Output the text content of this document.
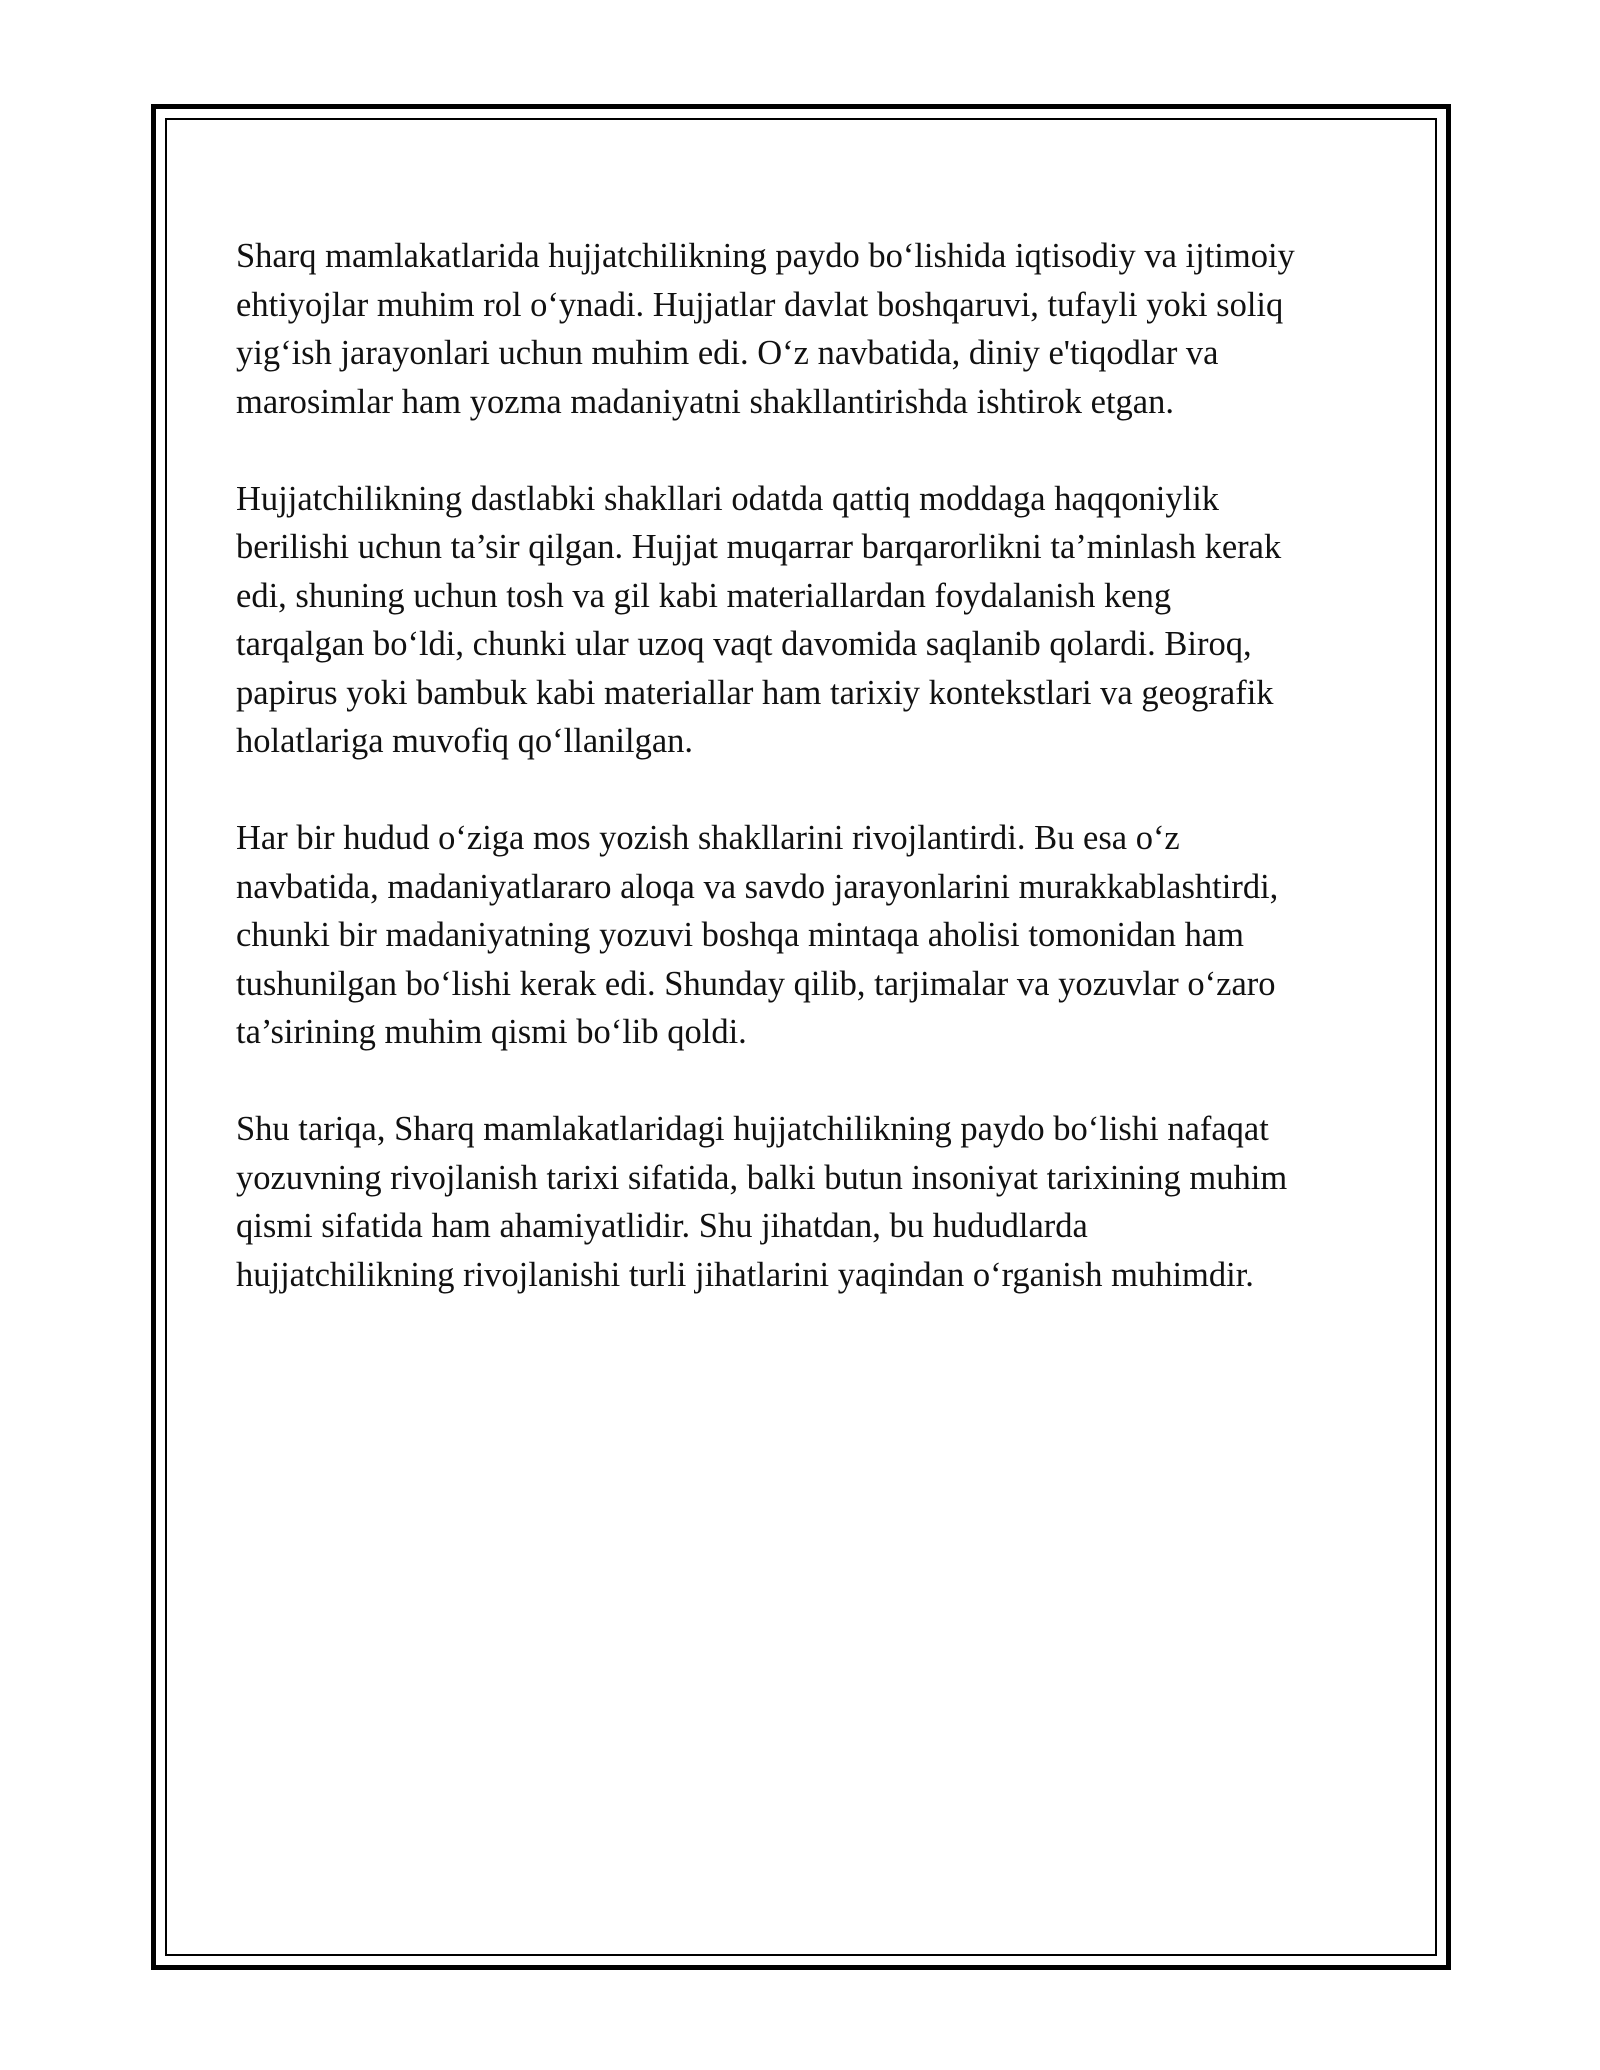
Sharq mamlakatlarida hujjatchilikning paydo bo‘lishida iqtisodiy va ijtimoiy
ehtiyojlar muhim rol o‘ynadi. Hujjatlar davlat boshqaruvi, tufayli yoki soliq
yig‘ish jarayonlari uchun muhim edi. O‘z navbatida, diniy e'tiqodlar va
marosimlar ham yozma madaniyatni shakllantirishda ishtirok etgan.

Hujjatchilikning dastlabki shakllari odatda qattiq moddaga haqqoniylik
berilishi uchun ta’sir qilgan. Hujjat muqarrar barqarorlikni ta’minlash kerak
edi, shuning uchun tosh va gil kabi materiallardan foydalanish keng
tarqalgan bo‘ldi, chunki ular uzoq vaqt davomida saqlanib qolardi. Biroq,
papirus yoki bambuk kabi materiallar ham tarixiy kontekstlari va geografik
holatlariga muvofiq qo‘llanilgan.

Har bir hudud o‘ziga mos yozish shakllarini rivojlantirdi. Bu esa o‘z
navbatida, madaniyatlararo aloqa va savdo jarayonlarini murakkablashtirdi,
chunki bir madaniyatning yozuvi boshqa mintaqa aholisi tomonidan ham
tushunilgan bo‘lishi kerak edi. Shunday qilib, tarjimalar va yozuvlar o‘zaro
ta’sirining muhim qismi bo‘lib qoldi.

Shu tariqa, Sharq mamlakatlaridagi hujjatchilikning paydo bo‘lishi nafaqat
yozuvning rivojlanish tarixi sifatida, balki butun insoniyat tarixining muhim
qismi sifatida ham ahamiyatlidir. Shu jihatdan, bu hududlarda
hujjatchilikning rivojlanishi turli jihatlarini yaqindan o‘rganish muhimdir.
